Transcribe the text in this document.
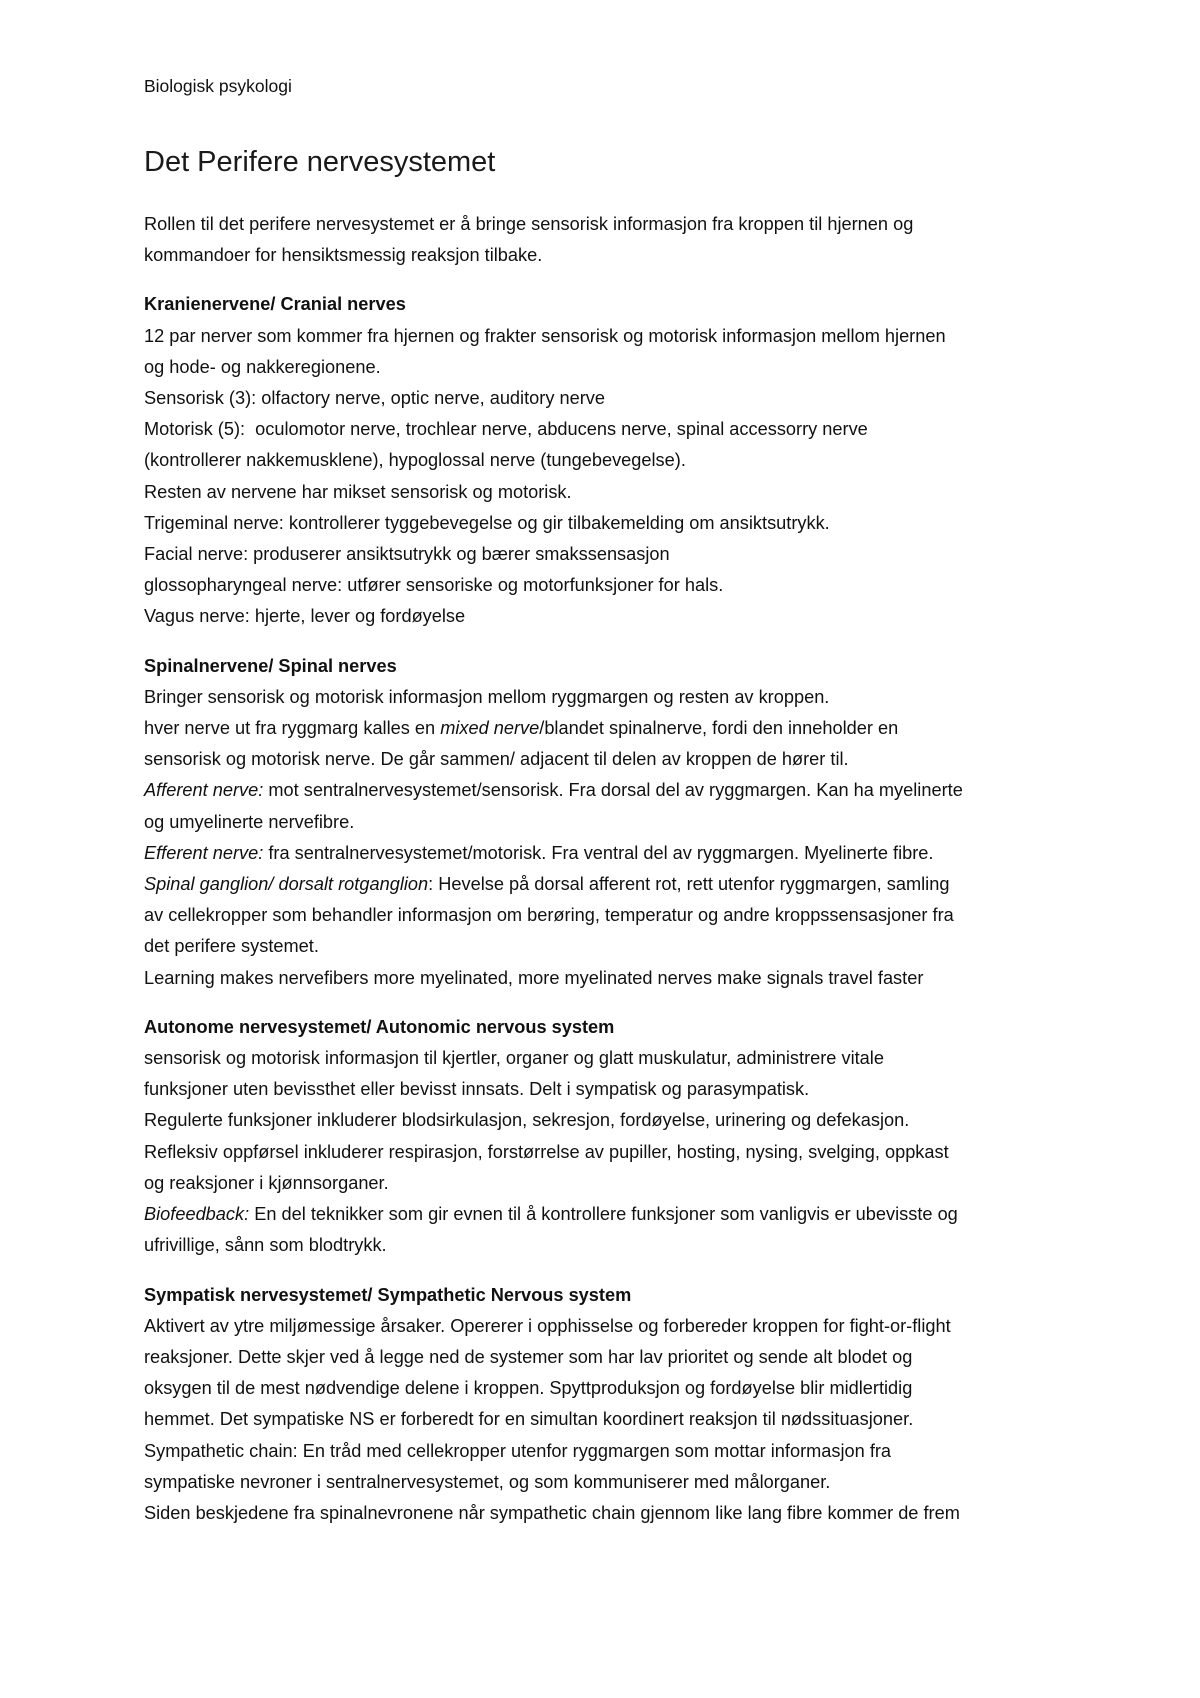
Biologisk psykologi

Det Perifere nervesystemet

Rollen til det perifere nervesystemet er å bringe sensorisk informasjon fra kroppen til hjernen og

kommandoer for hensiktsmessig reaksjon tilbake.

Kranienervene/ Cranial nerves

12 par nerver som kommer fra hjernen og frakter sensorisk og motorisk informasjon mellom hjernen

og hode- og nakkeregionene.

Sensorisk (3): olfactory nerve, optic nerve, auditory nerve

Motorisk (5):  oculomotor nerve, trochlear nerve, abducens nerve, spinal accessorry nerve

(kontrollerer nakkemusklene), hypoglossal nerve (tungebevegelse).

Resten av nervene har mikset sensorisk og motorisk.

Trigeminal nerve: kontrollerer tyggebevegelse og gir tilbakemelding om ansiktsutrykk.

Facial nerve: produserer ansiktsutrykk og bærer smakssensasjon

glossopharyngeal nerve: utfører sensoriske og motorfunksjoner for hals.

Vagus nerve: hjerte, lever og fordøyelse

Spinalnervene/ Spinal nerves

Bringer sensorisk og motorisk informasjon mellom ryggmargen og resten av kroppen.

hver nerve ut fra ryggmarg kalles en mixed nerve/blandet spinalnerve, fordi den inneholder en

sensorisk og motorisk nerve. De går sammen/ adjacent til delen av kroppen de hører til.

Afferent nerve: mot sentralnervesystemet/sensorisk. Fra dorsal del av ryggmargen. Kan ha myelinerte

og umyelinerte nervefibre.

Efferent nerve: fra sentralnervesystemet/motorisk. Fra ventral del av ryggmargen. Myelinerte fibre.

Spinal ganglion/ dorsalt rotganglion: Hevelse på dorsal afferent rot, rett utenfor ryggmargen, samling

av cellekropper som behandler informasjon om berøring, temperatur og andre kroppssensasjoner fra

det perifere systemet.

Learning makes nervefibers more myelinated, more myelinated nerves make signals travel faster

Autonome nervesystemet/ Autonomic nervous system

sensorisk og motorisk informasjon til kjertler, organer og glatt muskulatur, administrere vitale

funksjoner uten bevissthet eller bevisst innsats. Delt i sympatisk og parasympatisk.

Regulerte funksjoner inkluderer blodsirkulasjon, sekresjon, fordøyelse, urinering og defekasjon.

Refleksiv oppførsel inkluderer respirasjon, forstørrelse av pupiller, hosting, nysing, svelging, oppkast

og reaksjoner i kjønnsorganer.

Biofeedback: En del teknikker som gir evnen til å kontrollere funksjoner som vanligvis er ubevisste og

ufrivillige, sånn som blodtrykk.

Sympatisk nervesystemet/ Sympathetic Nervous system

Aktivert av ytre miljømessige årsaker. Opererer i opphisselse og forbereder kroppen for fight-or-flight

reaksjoner. Dette skjer ved å legge ned de systemer som har lav prioritet og sende alt blodet og

oksygen til de mest nødvendige delene i kroppen. Spyttproduksjon og fordøyelse blir midlertidig

hemmet. Det sympatiske NS er forberedt for en simultan koordinert reaksjon til nødssituasjoner.

Sympathetic chain: En tråd med cellekropper utenfor ryggmargen som mottar informasjon fra

sympatiske nevroner i sentralnervesystemet, og som kommuniserer med målorganer.

Siden beskjedene fra spinalnevronene når sympathetic chain gjennom like lang fibre kommer de frem
